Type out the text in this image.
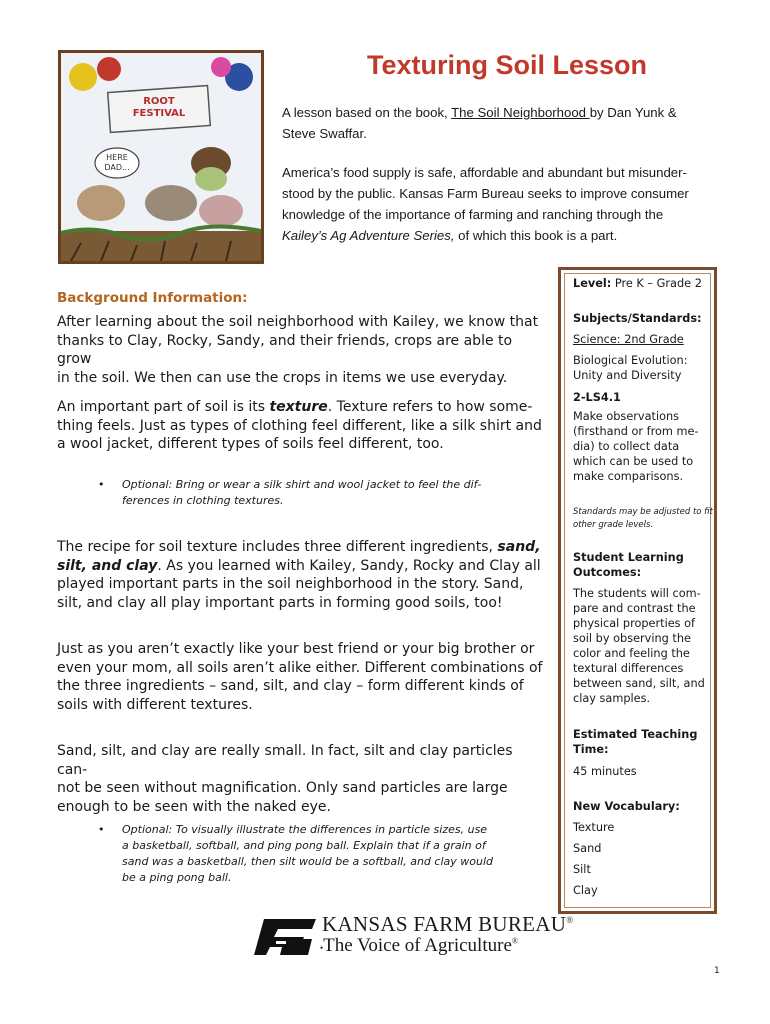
ROOT FESTIVAL
HERE
DAD...
Texturing Soil Lesson

A lesson based on the book, The Soil Neighborhood by Dan Yunk &
Steve Swaffar.

America’s food supply is safe, affordable and abundant but misunder-
stood by the public. Kansas Farm Bureau seeks to improve consumer
knowledge of the importance of farming and ranching through the
Kailey’s Ag Adventure Series, of which this book is a part.

Background Information:

After learning about the soil neighborhood with Kailey, we know that
thanks to Clay, Rocky, Sandy, and their friends, crops are able to grow
in the soil. We then can use the crops in items we use everyday.

An important part of soil is its texture. Texture refers to how some-
thing feels. Just as types of clothing feel different, like a silk shirt and
a wool jacket, different types of soils feel different, too.

• Optional: Bring or wear a silk shirt and wool jacket to feel the dif-
ferences in clothing textures.

The recipe for soil texture includes three different ingredients, sand,
silt, and clay. As you learned with Kailey, Sandy, Rocky and Clay all
played important parts in the soil neighborhood in the story. Sand,
silt, and clay all play important parts in forming good soils, too!

Just as you aren’t exactly like your best friend or your big brother or
even your mom, all soils aren’t alike either. Different combinations of
the three ingredients – sand, silt, and clay – form different kinds of
soils with different textures.

Sand, silt, and clay are really small. In fact, silt and clay particles can-
not be seen without magnification. Only sand particles are large
enough to be seen with the naked eye.

• Optional: To visually illustrate the differences in particle sizes, use
a basketball, softball, and ping pong ball. Explain that if a grain of
sand was a basketball, then silt would be a softball, and clay would
be a ping pong ball.

Level: Pre K – Grade 2

Subjects/Standards:

Science: 2nd Grade

Biological Evolution:
Unity and Diversity

2-LS4.1

Make observations
(firsthand or from me-
dia) to collect data
which can be used to
make comparisons.

Standards may be adjusted to fit
other grade levels.

Student Learning
Outcomes:

The students will com-
pare and contrast the
physical properties of
soil by observing the
color and feeling the
textural differences
between sand, silt, and
clay samples.

Estimated Teaching
Time:

45 minutes

New Vocabulary:

Texture

Sand

Silt

Clay

KANSAS FARM BUREAU®

•The Voice of Agriculture®

1
